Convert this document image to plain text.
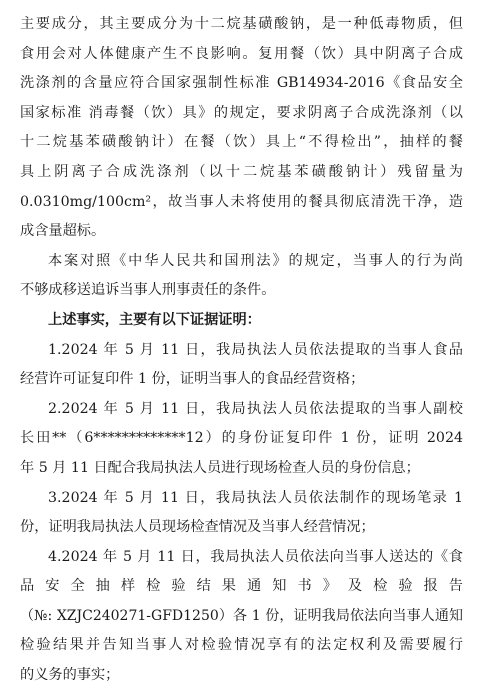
主要成分，其主要成分为十二烷基磺酸钠，是一种低毒物质，但
食用会对人体健康产生不良影响。复用餐（饮）具中阴离子合成
洗涤剂的含量应符合国家强制性标准 GB14934-2016《食品安全
国家标准 消毒餐（饮）具》的规定，要求阴离子合成洗涤剂（以
十二烷基苯磺酸钠计）在餐（饮）具上“不得检出”，抽样的餐
具上阴离子合成洗涤剂（以十二烷基苯磺酸钠计）残留量为
0.0310mg/100cm²，故当事人未将使用的餐具彻底清洗干净，造
成含量超标。
本案对照《中华人民共和国刑法》的规定，当事人的行为尚
不够成移送追诉当事人刑事责任的条件。
上述事实，主要有以下证据证明：
1.2024 年 5 月 11 日，我局执法人员依法提取的当事人食品
经营许可证复印件 1 份，证明当事人的食品经营资格；
2.2024 年 5 月 11 日，我局执法人员依法提取的当事人副校
长田**（6*************12）的身份证复印件 1 份，证明 2024
年 5 月 11 日配合我局执法人员进行现场检查人员的身份信息；
3.2024 年 5 月 11 日，我局执法人员依法制作的现场笔录 1
份，证明我局执法人员现场检查情况及当事人经营情况；
4.2024 年 5 月 11 日，我局执法人员依法向当事人送达的《食
品 安 全 抽 样 检 验 结 果 通 知 书 》 及 检 验 报 告
（№: XZJC240271-GFD1250）各 1 份，证明我局依法向当事人通知
检验结果并告知当事人对检验情况享有的法定权利及需要履行
的义务的事实；
